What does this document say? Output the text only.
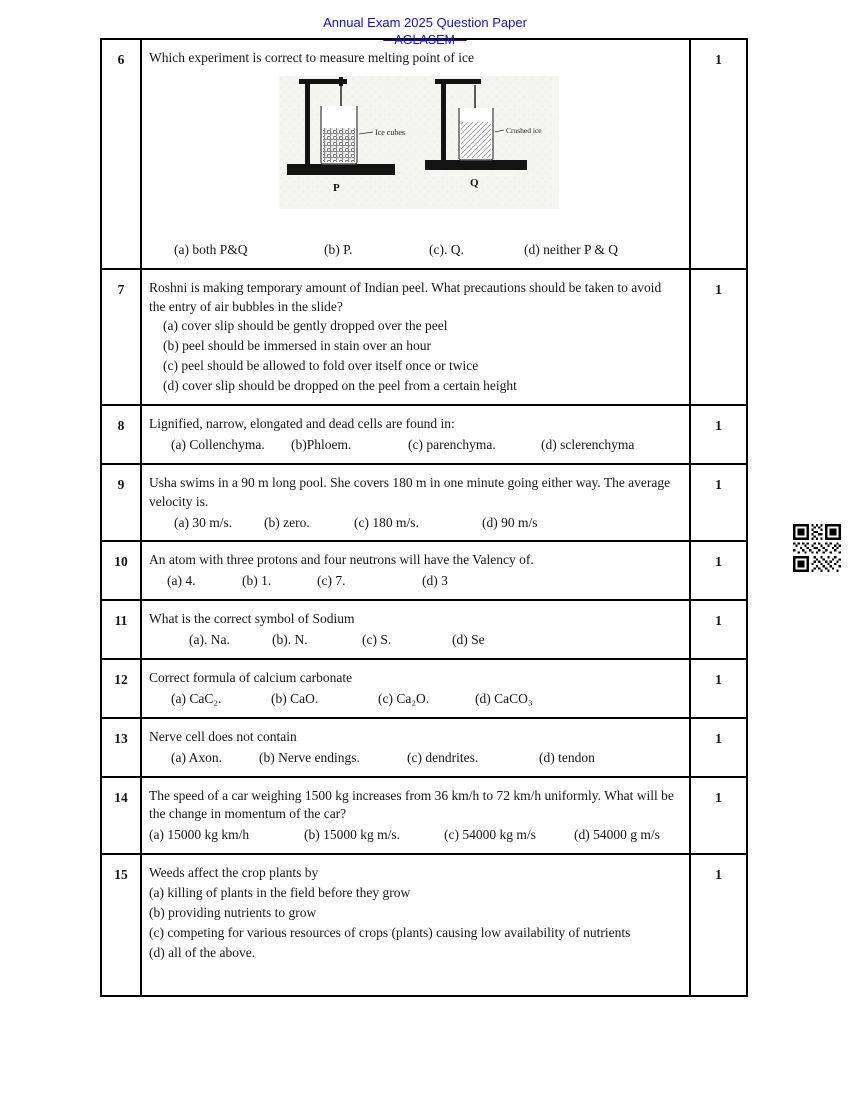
Annual Exam 2025 Question Paper
-- AGLASEM --
6	Which experiment is correct to measure melting point of ice
Ice cubes
P
Crushed ice
Q
(a) both P&Q	(b) P.	(c). Q.	(d) neither P & Q
	1
7	Roshni is making temporary amount of Indian peel. What precautions should be taken to avoid the entry of air bubbles in the slide?
(a) cover slip should be gently dropped over the peel
(b) peel should be immersed in stain over an hour
(c) peel should be allowed to fold over itself once or twice
(d) cover slip should be dropped on the peel from a certain height	1
8	Lignified, narrow, elongated and dead cells are found in:
(a) Collenchyma. (b)Phloem. (c) parenchyma. (d) sclerenchyma	1
9	Usha swims in a 90 m long pool. She covers 180 m in one minute going either way. The average velocity is.
(a) 30 m/s. (b) zero. (c) 180 m/s. (d) 90 m/s	1
10	An atom with three protons and four neutrons will have the Valency of.
(a) 4. (b) 1. (c) 7. (d) 3	1
11	What is the correct symbol of Sodium
(a). Na. (b). N. (c) S. (d) Se	1
12	Correct formula of calcium carbonate
(a) CaC₂. (b) CaO. (c) Ca₂O. (d) CaCO₃	1
13	Nerve cell does not contain
(a) Axon. (b) Nerve endings. (c) dendrites. (d) tendon	1
14	The speed of a car weighing 1500 kg increases from 36 km/h to 72 km/h uniformly. What will be the change in momentum of the car?
(a) 15000 kg km/h (b) 15000 kg m/s. (c) 54000 kg m/s (d) 54000 g m/s	1
15	Weeds affect the crop plants by
(a) killing of plants in the field before they grow
(b) providing nutrients to grow
(c) competing for various resources of crops (plants) causing low availability of nutrients
(d) all of the above.	1
